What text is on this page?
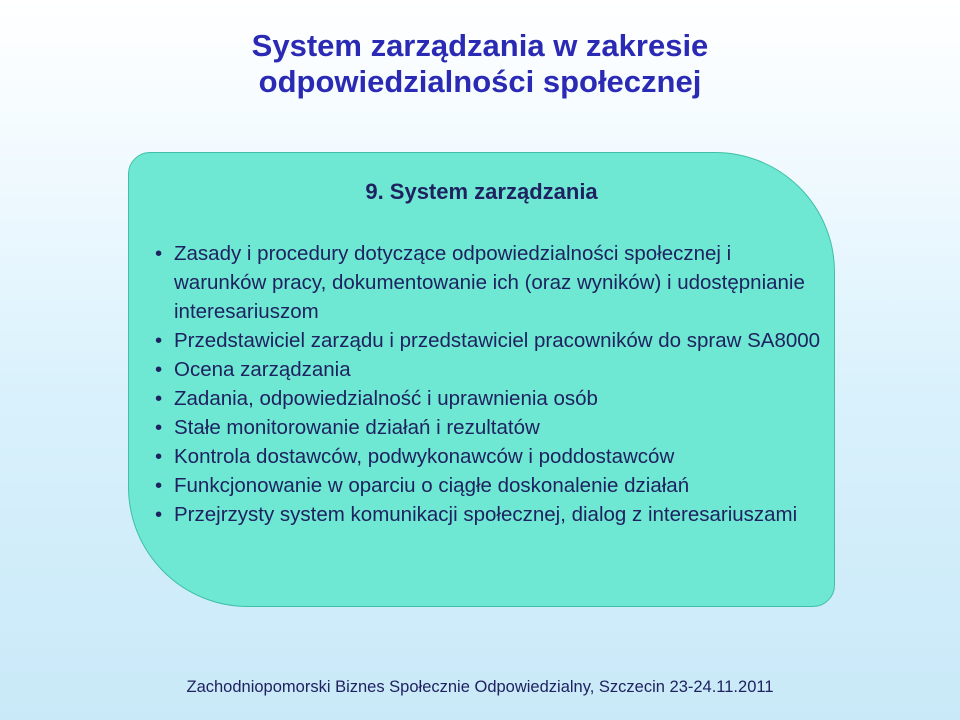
System zarządzania w zakresie
odpowiedzialności społecznej
9. System zarządzania
• Zasady i procedury dotyczące odpowiedzialności społecznej i warunków pracy, dokumentowanie ich (oraz wyników) i udostępnianie interesariuszom
• Przedstawiciel zarządu i przedstawiciel pracowników do spraw SA8000
• Ocena zarządzania
• Zadania, odpowiedzialność i uprawnienia osób
• Stałe monitorowanie działań i rezultatów
• Kontrola dostawców, podwykonawców i poddostawców
• Funkcjonowanie w oparciu o ciągłe doskonalenie działań
• Przejrzysty system komunikacji społecznej, dialog z interesariuszami

Zachodniopomorski Biznes Społecznie Odpowiedzialny, Szczecin 23-24.11.2011
